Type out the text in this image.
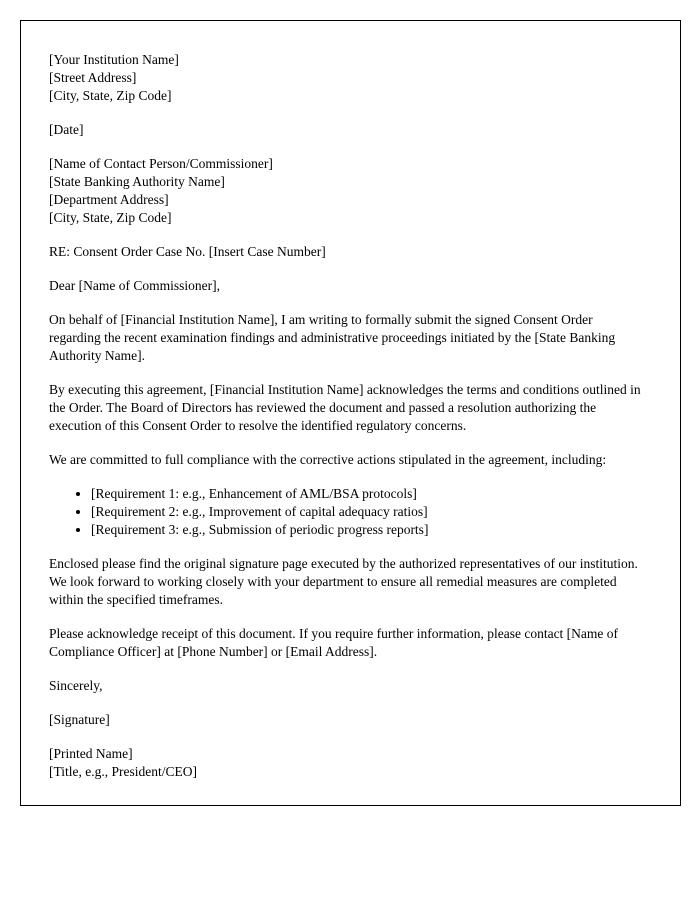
[Your Institution Name]
[Street Address]
[City, State, Zip Code]

[Date]

[Name of Contact Person/Commissioner]
[State Banking Authority Name]
[Department Address]
[City, State, Zip Code]

RE: Consent Order Case No. [Insert Case Number]

Dear [Name of Commissioner],

On behalf of [Financial Institution Name], I am writing to formally submit the signed Consent Order regarding the recent examination findings and administrative proceedings initiated by the [State Banking Authority Name].

By executing this agreement, [Financial Institution Name] acknowledges the terms and conditions outlined in the Order. The Board of Directors has reviewed the document and passed a resolution authorizing the execution of this Consent Order to resolve the identified regulatory concerns.

We are committed to full compliance with the corrective actions stipulated in the agreement, including:

• [Requirement 1: e.g., Enhancement of AML/BSA protocols]
• [Requirement 2: e.g., Improvement of capital adequacy ratios]
• [Requirement 3: e.g., Submission of periodic progress reports]

Enclosed please find the original signature page executed by the authorized representatives of our institution. We look forward to working closely with your department to ensure all remedial measures are completed within the specified timeframes.

Please acknowledge receipt of this document. If you require further information, please contact [Name of Compliance Officer] at [Phone Number] or [Email Address].

Sincerely,

[Signature]

[Printed Name]
[Title, e.g., President/CEO]
